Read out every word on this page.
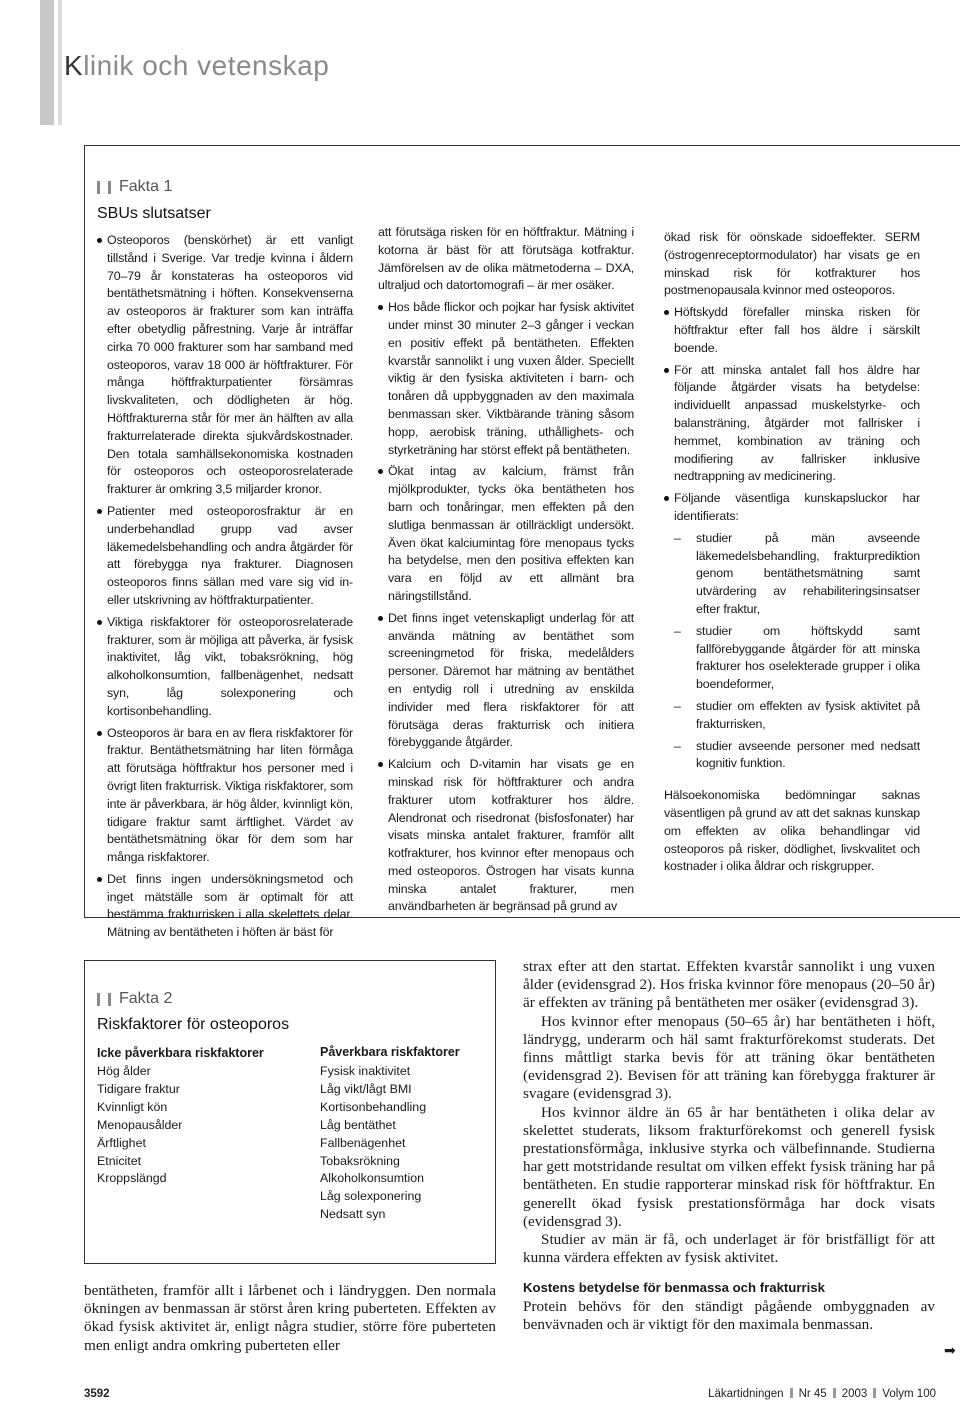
Klinik och vetenskap
Fakta 1
SBUs slutsatser

Osteoporos (benskörhet) är ett vanligt tillstånd i Sverige. Var tredje kvinna i åldern 70–79 år konstateras ha osteoporos vid bentäthetsmätning i höften. Konsekvenserna av osteoporos är frakturer som kan inträffa efter obetydlig påfrestning. Varje år inträffar cirka 70 000 frakturer som har samband med osteoporos, varav 18 000 är höftfrakturer. För många höftfrakturpatienter försämras livskvaliteten, och dödligheten är hög. Höftfrakturerna står för mer än hälften av alla frakturrelaterade direkta sjukvårdskostnader. Den totala samhällsekonomiska kostnaden för osteoporos och osteoporosrelaterade frakturer är omkring 3,5 miljarder kronor.

Patienter med osteoporosfraktur är en underbehandlad grupp vad avser läkemedelsbehandling och andra åtgärder för att förebygga nya frakturer. Diagnosen osteoporos finns sällan med vare sig vid in- eller utskrivning av höftfrakturpatienter.

Viktiga riskfaktorer för osteoporosrelaterade frakturer, som är möjliga att påverka, är fysisk inaktivitet, låg vikt, tobaksrökning, hög alkoholkonsumtion, fallbenägenhet, nedsatt syn, låg solexponering och kortisonbehandling.

Osteoporos är bara en av flera riskfaktorer för fraktur. Bentäthetsmätning har liten förmåga att förutsäga höftfraktur hos personer med i övrigt liten frakturrisk. Viktiga riskfaktorer, som inte är påverkbara, är hög ålder, kvinnligt kön, tidigare fraktur samt ärftlighet. Värdet av bentäthetsmätning ökar för dem som har många riskfaktorer.

Det finns ingen undersökningsmetod och inget mätställe som är optimalt för att bestämma frakturrisken i alla skelettets delar. Mätning av bentätheten i höften är bäst för

att förutsäga risken för en höftfraktur. Mätning i kotorna är bäst för att förutsäga kotfraktur. Jämförelsen av de olika mätmetoderna – DXA, ultraljud och datortomografi – är mer osäker.

Hos både flickor och pojkar har fysisk aktivitet under minst 30 minuter 2–3 gånger i veckan en positiv effekt på bentätheten. Effekten kvarstår sannolikt i ung vuxen ålder. Speciellt viktig är den fysiska aktiviteten i barn- och tonåren då uppbyggnaden av den maximala benmassan sker. Viktbärande träning såsom hopp, aerobisk träning, uthållighets- och styrketräning har störst effekt på bentätheten.

Ökat intag av kalcium, främst från mjölkprodukter, tycks öka bentätheten hos barn och tonåringar, men effekten på den slutliga benmassan är otillräckligt undersökt. Även ökat kalciumintag före menopaus tycks ha betydelse, men den positiva effekten kan vara en följd av ett allmänt bra näringstillstånd.

Det finns inget vetenskapligt underlag för att använda mätning av bentäthet som screeningmetod för friska, medelålders personer. Däremot har mätning av bentäthet en entydig roll i utredning av enskilda individer med flera riskfaktorer för att förutsäga deras frakturrisk och initiera förebyggande åtgärder.

Kalcium och D-vitamin har visats ge en minskad risk för höftfrakturer och andra frakturer utom kotfrakturer hos äldre. Alendronat och risedronat (bisfosfonater) har visats minska antalet frakturer, framför allt kotfrakturer, hos kvinnor efter menopaus och med osteoporos. Östrogen har visats kunna minska antalet frakturer, men användbarheten är begränsad på grund av

ökad risk för oönskade sidoeffekter. SERM (östrogenreceptormodulator) har visats ge en minskad risk för kotfrakturer hos postmenopausala kvinnor med osteoporos.

Höftskydd förefaller minska risken för höftfraktur efter fall hos äldre i särskilt boende.

För att minska antalet fall hos äldre har följande åtgärder visats ha betydelse: individuellt anpassad muskelstyrke- och balansträning, åtgärder mot fallrisker i hemmet, kombination av träning och modifiering av fallrisker inklusive nedtrappning av medicinering.

Följande väsentliga kunskapsluckor har identifierats:

– studier på män avseende läkemedelsbehandling, frakturprediktion genom bentäthetsmätning samt utvärdering av rehabiliteringsinsatser efter fraktur,

– studier om höftskydd samt fallförebyggande åtgärder för att minska frakturer hos oselekterade grupper i olika boendeformer,

– studier om effekten av fysisk aktivitet på frakturrisken,

– studier avseende personer med nedsatt kognitiv funktion.

Hälsoekonomiska bedömningar saknas väsentligen på grund av att det saknas kunskap om effekten av olika behandlingar vid osteoporos på risker, dödlighet, livskvalitet och kostnader i olika åldrar och riskgrupper.

Fakta 2
Riskfaktorer för osteoporos
Icke påverkbara riskfaktorer
Hög ålder
Tidigare fraktur
Kvinnligt kön
Menopausålder
Ärftlighet
Etnicitet
Kroppslängd
Påverkbara riskfaktorer
Fysisk inaktivitet
Låg vikt/lågt BMI
Kortisonbehandling
Låg bentäthet
Fallbenägenhet
Tobaksrökning
Alkoholkonsumtion
Låg solexponering
Nedsatt syn

bentätheten, framför allt i lårbenet och i ländryggen. Den normala ökningen av benmassan är störst åren kring puberteten. Effekten av ökad fysisk aktivitet är, enligt några studier, större före puberteten men enligt andra omkring puberteten eller

strax efter att den startat. Effekten kvarstår sannolikt i ung vuxen ålder (evidensgrad 2). Hos friska kvinnor före menopaus (20–50 år) är effekten av träning på bentätheten mer osäker (evidensgrad 3).

Hos kvinnor efter menopaus (50–65 år) har bentätheten i höft, ländrygg, underarm och häl samt frakturförekomst studerats. Det finns måttligt starka bevis för att träning ökar bentätheten (evidensgrad 2). Bevisen för att träning kan förebygga frakturer är svagare (evidensgrad 3).

Hos kvinnor äldre än 65 år har bentätheten i olika delar av skelettet studerats, liksom frakturförekomst och generell fysisk prestationsförmåga, inklusive styrka och välbefinnande. Studierna har gett motstridande resultat om vilken effekt fysisk träning har på bentätheten. En studie rapporterar minskad risk för höftfraktur. En generellt ökad fysisk prestationsförmåga har dock visats (evidensgrad 3).

Studier av män är få, och underlaget är för bristfälligt för att kunna värdera effekten av fysisk aktivitet.

Kostens betydelse för benmassa och frakturrisk

Protein behövs för den ständigt pågående ombyggnaden av benvävnaden och är viktigt för den maximala benmassan.

➡
3592	Läkartidningen Nr 45 2003 Volym 100
